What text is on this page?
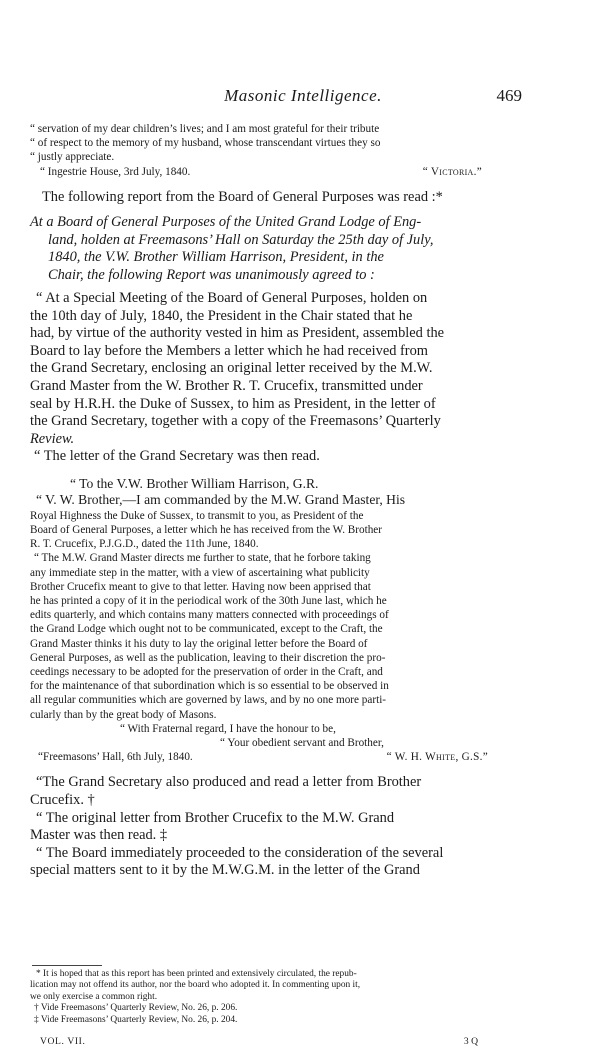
Masonic Intelligence.	469

“ servation of my dear children’s lives; and I am most grateful for their tribute

“ of respect to the memory of my husband, whose transcendant virtues they so

“ justly appreciate.

“ Ingestrie House, 3rd July, 1840.	“ Victoria.”

The following report from the Board of General Purposes was read :*

At a Board of General Purposes of the United Grand Lodge of Eng-

land, holden at Freemasons’ Hall on Saturday the 25th day of July,

1840, the V.W. Brother William Harrison, President, in the

Chair, the following Report was unanimously agreed to :

“ At a Special Meeting of the Board of General Purposes, holden on

the 10th day of July, 1840, the President in the Chair stated that he

had, by virtue of the authority vested in him as President, assembled the

Board to lay before the Members a letter which he had received from

the Grand Secretary, enclosing an original letter received by the M.W.

Grand Master from the W. Brother R. T. Crucefix, transmitted under

seal by H.R.H. the Duke of Sussex, to him as President, in the letter of

the Grand Secretary, together with a copy of the Freemasons’ Quarterly

Review.

“ The letter of the Grand Secretary was then read.

“ To the V.W. Brother William Harrison, G.R.

“ V. W. Brother,—I am commanded by the M.W. Grand Master, His

Royal Highness the Duke of Sussex, to transmit to you, as President of the

Board of General Purposes, a letter which he has received from the W. Brother

R. T. Crucefix, P.J.G.D., dated the 11th June, 1840.

“ The M.W. Grand Master directs me further to state, that he forbore taking

any immediate step in the matter, with a view of ascertaining what publicity

Brother Crucefix meant to give to that letter. Having now been apprised that

he has printed a copy of it in the periodical work of the 30th June last, which he

edits quarterly, and which contains many matters connected with proceedings of

the Grand Lodge which ought not to be communicated, except to the Craft, the

Grand Master thinks it his duty to lay the original letter before the Board of

General Purposes, as well as the publication, leaving to their discretion the pro-

ceedings necessary to be adopted for the preservation of order in the Craft, and

for the maintenance of that subordination which is so essential to be observed in

all regular communities which are governed by laws, and by no one more parti-

cularly than by the great body of Masons.

“ With Fraternal regard, I have the honour to be,

“ Your obedient servant and Brother,

“Freemasons’ Hall, 6th July, 1840.	“ W. H. White, G.S.”

“The Grand Secretary also produced and read a letter from Brother

Crucefix. †

“ The original letter from Brother Crucefix to the M.W. Grand

Master was then read. ‡

“ The Board immediately proceeded to the consideration of the several

special matters sent to it by the M.W.G.M. in the letter of the Grand

* It is hoped that as this report has been printed and extensively circulated, the repub-

lication may not offend its author, nor the board who adopted it. In commenting upon it,

we only exercise a common right.

† Vide Freemasons’ Quarterly Review, No. 26, p. 206.

‡ Vide Freemasons’ Quarterly Review, No. 26, p. 204.

VOL. VII.	3 Q
